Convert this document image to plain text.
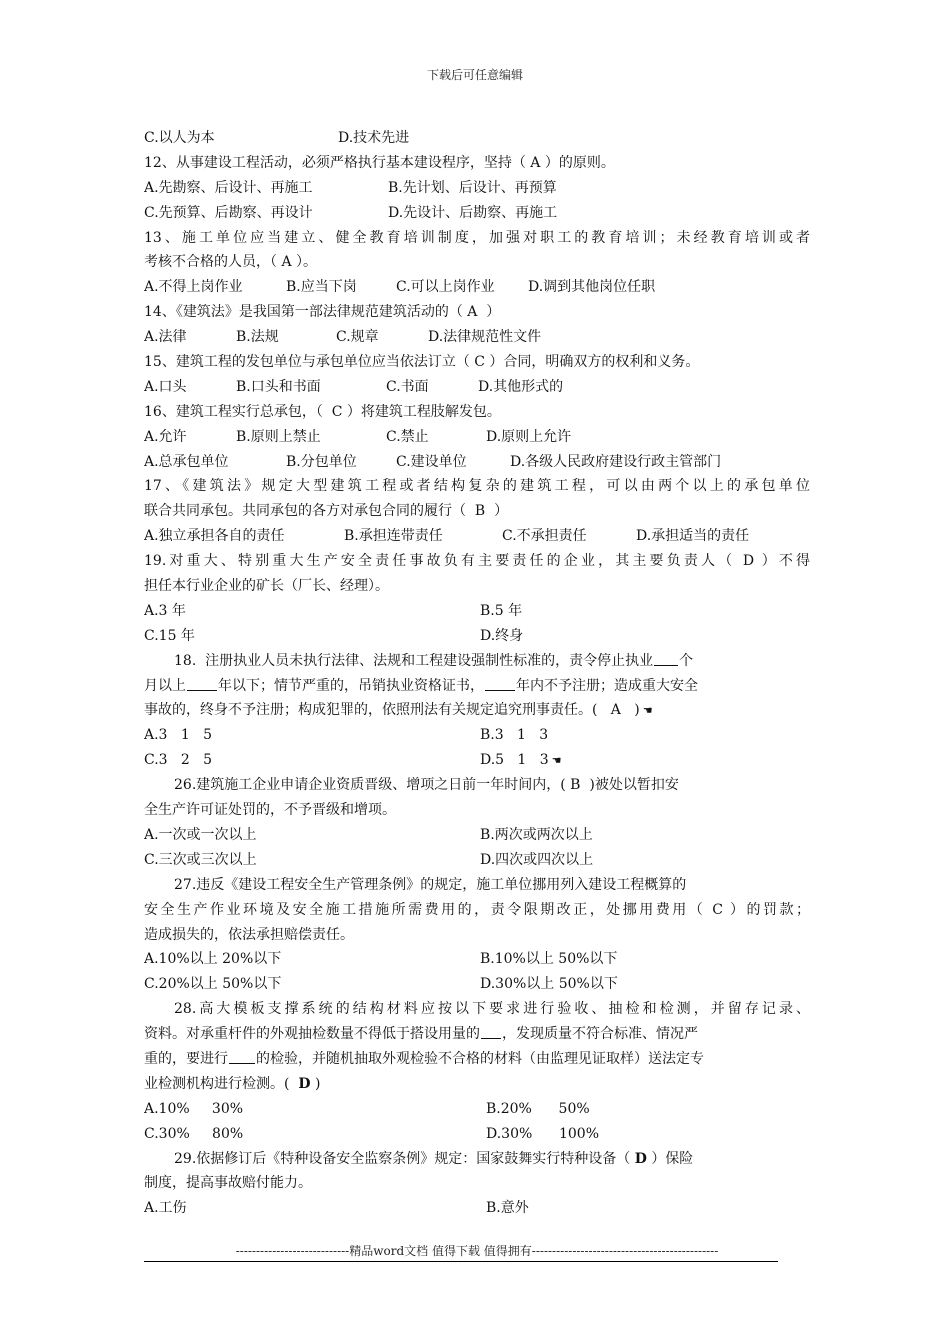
下载后可任意编辑

C.以人为本

	D.技术先进

12、从事建设工程活动，必须严格执行基本建设程序，坚持（ A ）的原则。

A.先勘察、后设计、再施工

	B.先计划、后设计、再预算

C.先预算、后勘察、再设计

	D.先设计、后勘察、再施工

13、施工单位应当建立、健全教育培训制度，加强对职工的教育培训；未经教育培训或者
考核不合格的人员，（ A ）。

A.不得上岗作业

	B.应当下岗

	C.可以上岗作业

D.调到其他岗位任职

14、《建筑法》是我国第一部法律规范建筑活动的（ A  ）

A.法律

	B.法规

	C.规章

	D.法律规范性文件

15、建筑工程的发包单位与承包单位应当依法订立（ C ）合同，明确双方的权利和义务。

A.口头

	B.口头和书面

	C.书面

	D.其他形式的

16、建筑工程实行总承包，（  C ）将建筑工程肢解发包。

A.允许

	B.原则上禁止

	C.禁止

	D.原则上允许

A.总承包单位

	B.分包单位

	C.建设单位

	D.各级人民政府建设行政主管部门

17、《建筑法》规定大型建筑工程或者结构复杂的建筑工程，可以由两个以上的承包单位
联合共同承包。共同承包的各方对承包合同的履行（  B  ）

A.独立承担各自的责任

	B.承担连带责任

	C.不承担责任

	D.承担适当的责任

19.对重大、特别重大生产安全责任事故负有主要责任的企业，其主要负责人（ D ）不得
担任本行业企业的矿长（厂长、经理）。

A.3 年

	B.5 年

C.15 年

	D.终身

18.  注册执业人员未执行法律、法规和工程建设强制性标准的，责令停止执业 个
月以上 年以下；情节严重的，吊销执业资格证书， 年内不予注册；造成重大安全
事故的，终身不予注册；构成犯罪的，依照刑法有关规定追究刑事责任。(   A   ) ☚

A.3   1   5

	B.3   1   3

C.3   2   5

	D.5   1   3 ☚

26.建筑施工企业申请企业资质晋级、增项之日前一年时间内，( B  )被处以暂扣安
全生产许可证处罚的，不予晋级和增项。

A.一次或一次以上

	B.两次或两次以上

C.三次或三次以上

	D.四次或四次以上

27.违反《建设工程安全生产管理条例》的规定，施工单位挪用列入建设工程概算的
安全生产作业环境及安全施工措施所需费用的，责令限期改正，处挪用费用（ C ）的罚款；
造成损失的，依法承担赔偿责任。

A.10%以上 20%以下

	B.10%以上 50%以下

C.20%以上 50%以下

	D.30%以上 50%以下

28.高大模板支撑系统的结构材料应按以下要求进行验收、抽检和检测，并留存记录、
资料。对承重杆件的外观抽检数量不得低于搭设用量的 ，发现质量不符合标准、情况严
重的，要进行 的检验，并随机抽取外观检验不合格的材料（由监理见证取样）送法定专
业检测机构进行检测。( D )

A.10%     30%

	B.20%      50%

C.30%     80%

	D.30%      100%

29.依据修订后《特种设备安全监察条例》规定：国家鼓舞实行特种设备（ D ）保险
制度，提高事故赔付能力。

A.工伤

	B.意外

----------------------------精品word文档 值得下载 值得拥有----------------------------------------------
